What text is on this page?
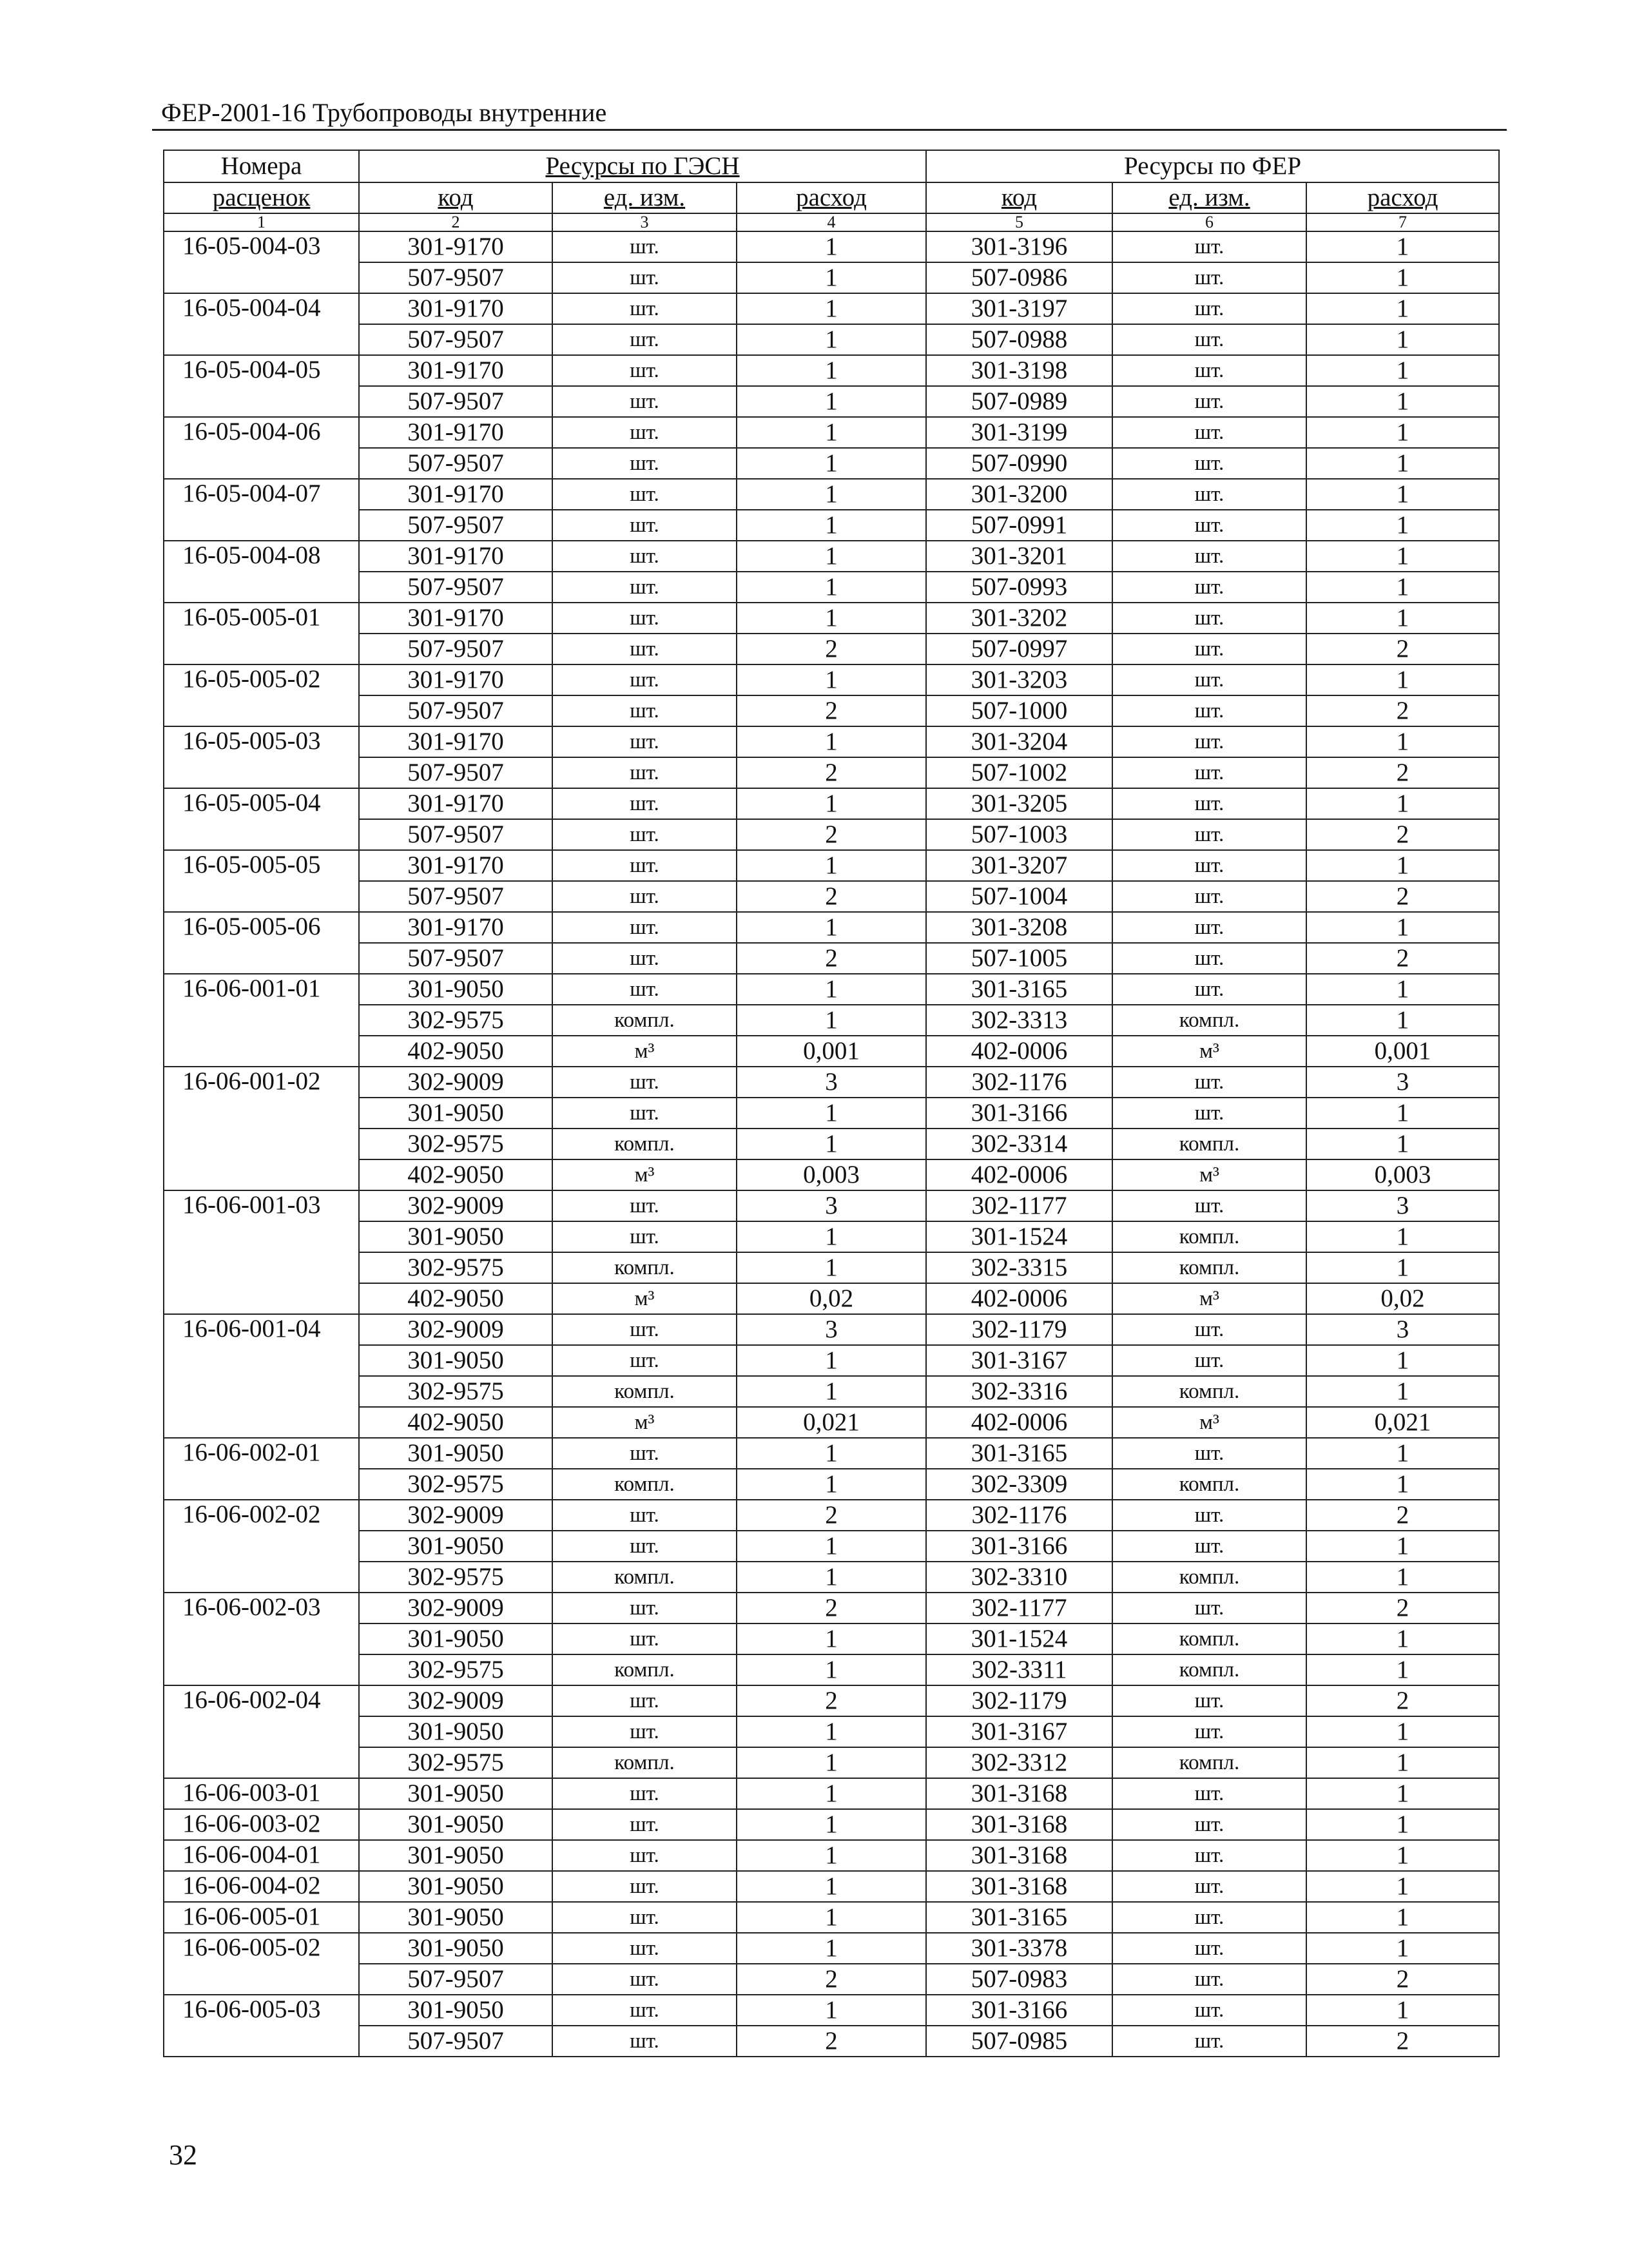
ФЕР-2001-16 Трубопроводы внутренние
Номера	Ресурсы по ГЭСН			Ресурсы по ФЕР		
расценок	код	ед. изм.	расход	код	ед. изм.	расход
1	2	3	4	5	6	7
16-05-004-03	301-9170	шт.	1	301-3196	шт.	1
	507-9507	шт.	1	507-0986	шт.	1
16-05-004-04	301-9170	шт.	1	301-3197	шт.	1
	507-9507	шт.	1	507-0988	шт.	1
16-05-004-05	301-9170	шт.	1	301-3198	шт.	1
	507-9507	шт.	1	507-0989	шт.	1
16-05-004-06	301-9170	шт.	1	301-3199	шт.	1
	507-9507	шт.	1	507-0990	шт.	1
16-05-004-07	301-9170	шт.	1	301-3200	шт.	1
	507-9507	шт.	1	507-0991	шт.	1
16-05-004-08	301-9170	шт.	1	301-3201	шт.	1
	507-9507	шт.	1	507-0993	шт.	1
16-05-005-01	301-9170	шт.	1	301-3202	шт.	1
	507-9507	шт.	2	507-0997	шт.	2
16-05-005-02	301-9170	шт.	1	301-3203	шт.	1
	507-9507	шт.	2	507-1000	шт.	2
16-05-005-03	301-9170	шт.	1	301-3204	шт.	1
	507-9507	шт.	2	507-1002	шт.	2
16-05-005-04	301-9170	шт.	1	301-3205	шт.	1
	507-9507	шт.	2	507-1003	шт.	2
16-05-005-05	301-9170	шт.	1	301-3207	шт.	1
	507-9507	шт.	2	507-1004	шт.	2
16-05-005-06	301-9170	шт.	1	301-3208	шт.	1
	507-9507	шт.	2	507-1005	шт.	2
16-06-001-01	301-9050	шт.	1	301-3165	шт.	1
	302-9575	компл.	1	302-3313	компл.	1
	402-9050	м³	0,001	402-0006	м³	0,001
16-06-001-02	302-9009	шт.	3	302-1176	шт.	3
	301-9050	шт.	1	301-3166	шт.	1
	302-9575	компл.	1	302-3314	компл.	1
	402-9050	м³	0,003	402-0006	м³	0,003
16-06-001-03	302-9009	шт.	3	302-1177	шт.	3
	301-9050	шт.	1	301-1524	компл.	1
	302-9575	компл.	1	302-3315	компл.	1
	402-9050	м³	0,02	402-0006	м³	0,02
16-06-001-04	302-9009	шт.	3	302-1179	шт.	3
	301-9050	шт.	1	301-3167	шт.	1
	302-9575	компл.	1	302-3316	компл.	1
	402-9050	м³	0,021	402-0006	м³	0,021
16-06-002-01	301-9050	шт.	1	301-3165	шт.	1
	302-9575	компл.	1	302-3309	компл.	1
16-06-002-02	302-9009	шт.	2	302-1176	шт.	2
	301-9050	шт.	1	301-3166	шт.	1
	302-9575	компл.	1	302-3310	компл.	1
16-06-002-03	302-9009	шт.	2	302-1177	шт.	2
	301-9050	шт.	1	301-1524	компл.	1
	302-9575	компл.	1	302-3311	компл.	1
16-06-002-04	302-9009	шт.	2	302-1179	шт.	2
	301-9050	шт.	1	301-3167	шт.	1
	302-9575	компл.	1	302-3312	компл.	1
16-06-003-01	301-9050	шт.	1	301-3168	шт.	1
16-06-003-02	301-9050	шт.	1	301-3168	шт.	1
16-06-004-01	301-9050	шт.	1	301-3168	шт.	1
16-06-004-02	301-9050	шт.	1	301-3168	шт.	1
16-06-005-01	301-9050	шт.	1	301-3165	шт.	1
16-06-005-02	301-9050	шт.	1	301-3378	шт.	1
	507-9507	шт.	2	507-0983	шт.	2
16-06-005-03	301-9050	шт.	1	301-3166	шт.	1
	507-9507	шт.	2	507-0985	шт.	2
32
